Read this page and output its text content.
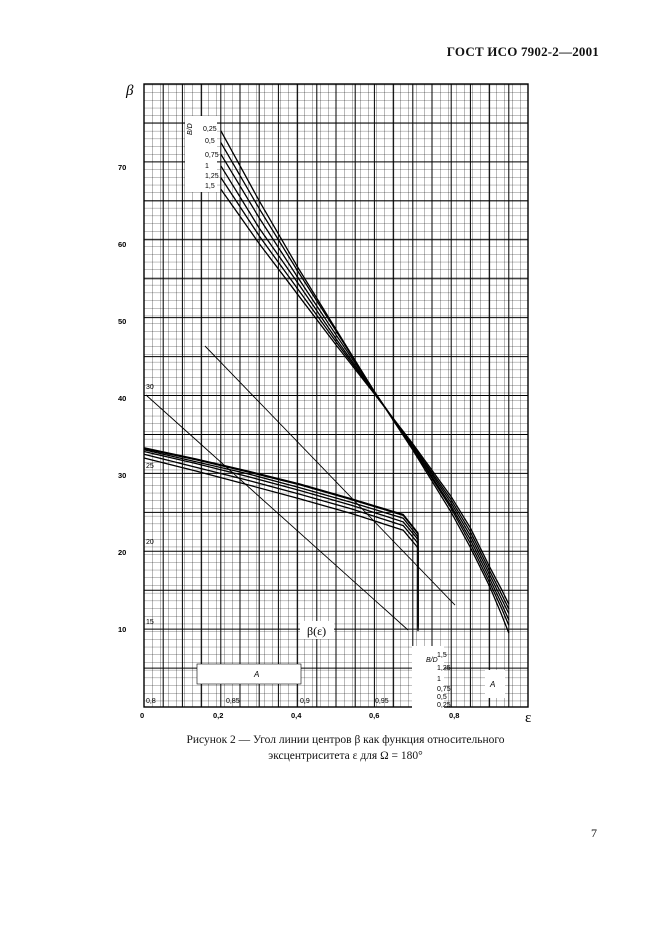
ГОСТ ИСО 7902-2—2001
β
ε
10
20
30
40
50
60
70
0	0,2	0,4	0,6	0,8
0,8	0,85	0,9	0,95
15
20
25
30
B/D 0,25
0,5
0,75
1
1,25
1,5
B/D
1,5
1,25
1
0,75
0,5
0,25
β(ε)
A
A
Рисунок 2 — Угол линии центров β как функция относительного
эксцентриситета ε для Ω = 180°
7
